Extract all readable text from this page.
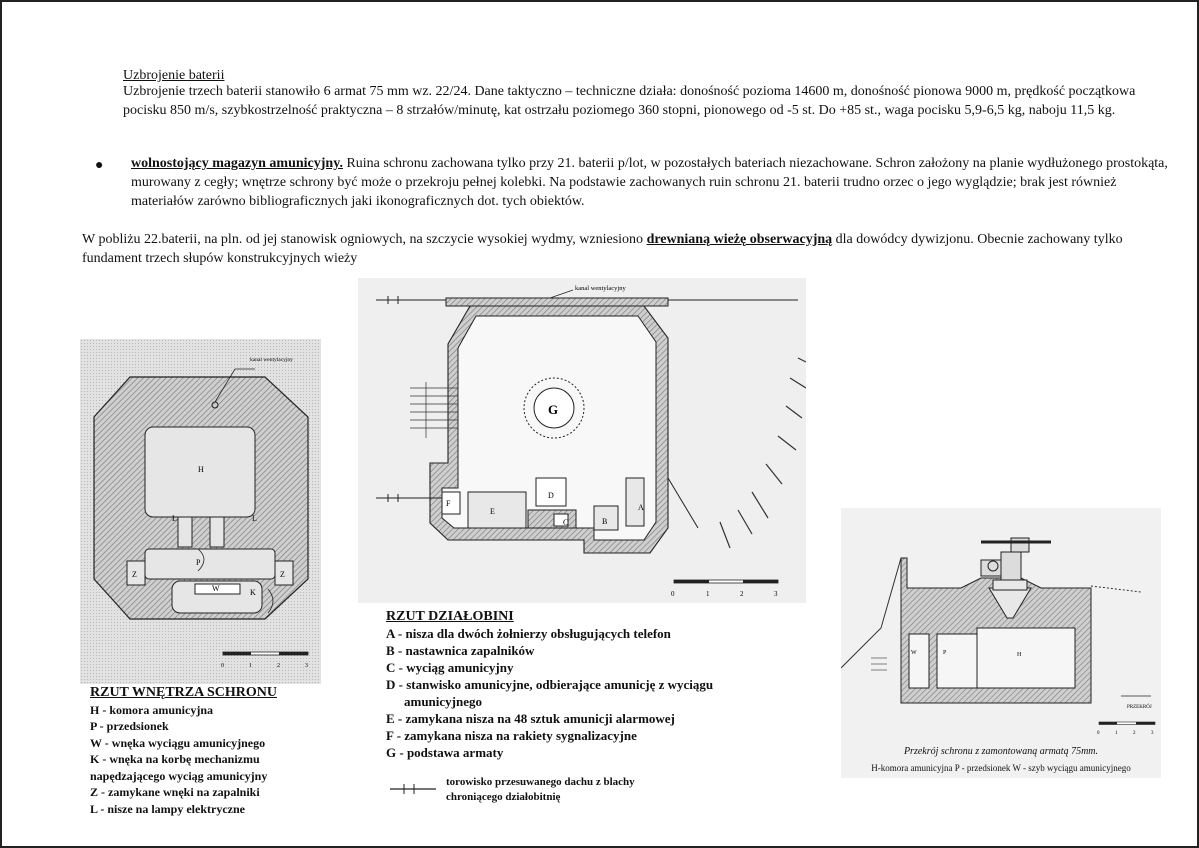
Uzbrojenie baterii
Uzbrojenie trzech baterii stanowiło 6 armat 75 mm wz. 22/24. Dane taktyczno – techniczne działa: donośność pozioma 14600 m, donośność pionowa 9000 m, prędkość początkowa pocisku 850 m/s, szybkostrzelność praktyczna – 8 strzałów/minutę, kat ostrzału poziomego 360 stopni, pionowego od -5 st. Do +85 st., waga pocisku 5,9-6,5 kg, naboju 11,5 kg.
● wolnostojący magazyn amunicyjny. Ruina schronu zachowana tylko przy 21. baterii p/lot, w pozostałych bateriach niezachowane. Schron założony na planie wydłużonego prostokąta, murowany z cegły; wnętrze schrony być może o przekroju pełnej kolebki. Na podstawie zachowanych ruin schronu 21. baterii trudno orzec o jego wyglądzie; brak jest również materiałów zarówno bibliograficznych jaki ikonograficznych dot. tych obiektów.
W pobliżu 22.baterii, na pln. od jej stanowisk ogniowych, na szczycie wysokiej wydmy, wzniesiono drewnianą wieżę obserwacyjną dla dowódcy dywizjonu. Obecnie zachowany tylko fundament trzech słupów konstrukcyjnych wieży
H
L	L
P
Z	Z
W	K
kanal wentylacyjny
0	1	2	3
RZUT WNĘTRZA SCHRONU
H - komora amunicyjna
P - przedsionek
W - wnęka wyciągu amunicyjnego
K - wnęka na korbę mechanizmu
napędzającego wyciąg amunicyjny
Z - zamykane wnęki na zapalniki
L - nisze na lampy elektryczne
kanal wentylacyjny
G
F
E
D
C	B
A
0	1	2	3
RZUT DZIAŁOBINI
A - nisza dla dwóch żołnierzy obsługujących telefon
B - nastawnica zapalników
C - wyciąg amunicyjny
D - stanwisko amunicyjne, odbierające amunicję z wyciągu
amunicyjnego
E - zamykana nisza na 48 sztuk amunicji alarmowej
F - zamykana nisza na rakiety sygnalizacyjne
G - podstawa armaty
torowisko przesuwanego dachu z blachy
chroniącego działobitnię
H
P
W
PRZEKRÓJ
0	1	2	3
Przekrój schronu z zamontowaną armatą 75mm.
H-komora amunicyjna P - przedsionek W - szyb wyciągu amunicyjnego
